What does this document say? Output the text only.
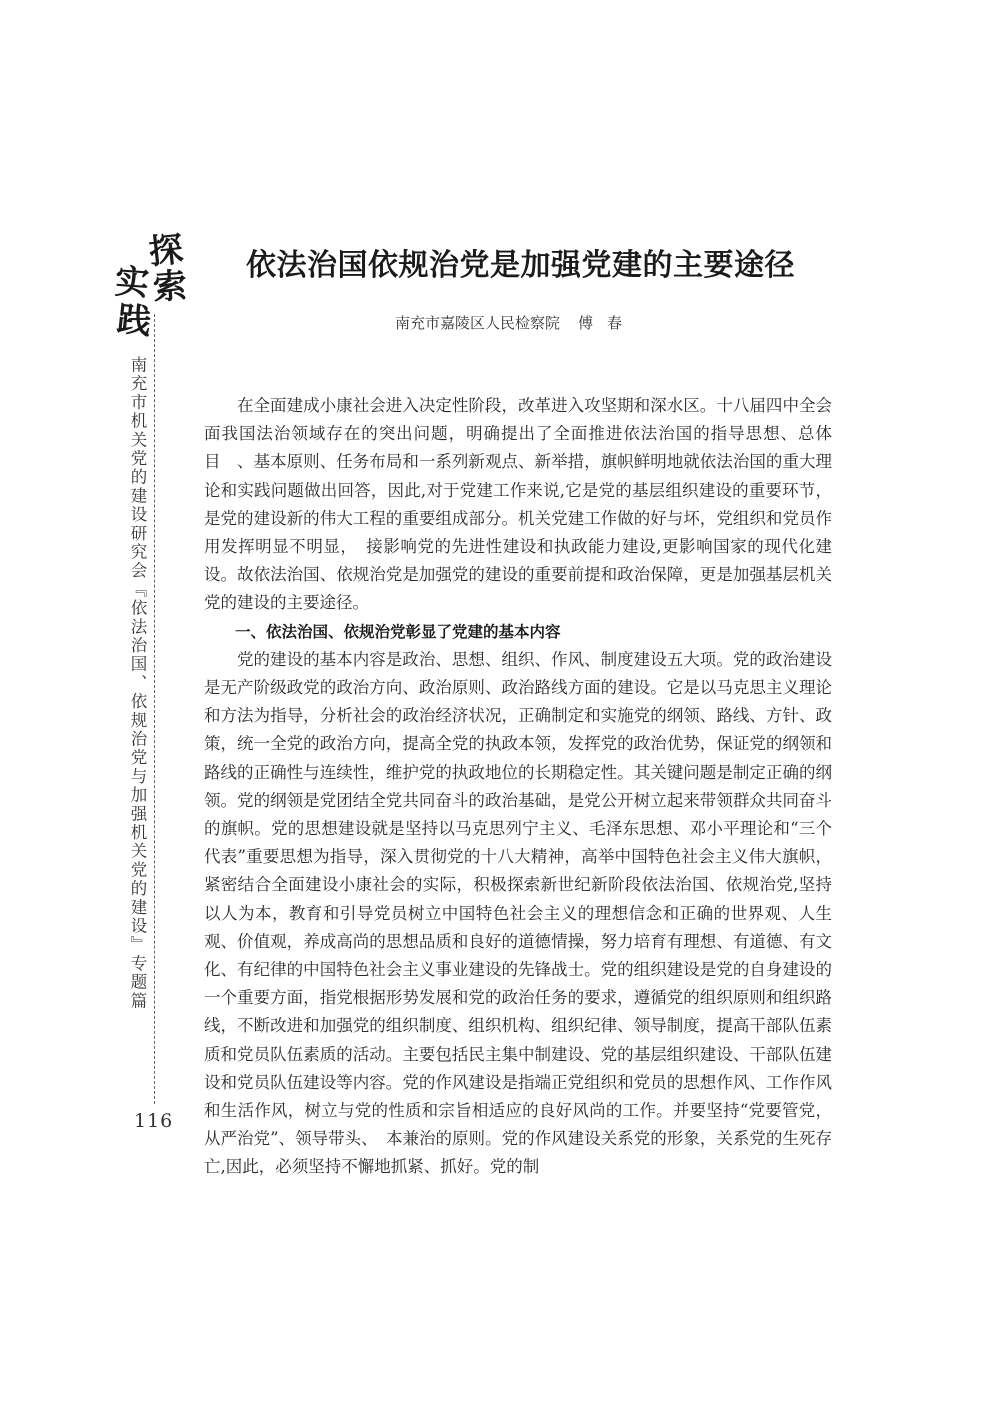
探
实 索
践
南充市机关党的建设研究会『依法治国、依规治党与加强机关党的建设』专题篇
116
依法治国依规治党是加强党建的主要途径
南充市嘉陵区人民检察院 傅春

在全面建成小康社会进入决定性阶段，改革进入攻坚期和深水区。十八届四中全会　面我国法治领域存在的突出问题，明确提出了全面推进依法治国的指导思想、总体目　、基本原则、任务布局和一系列新观点、新举措，旗帜鲜明地就依法治国的重大理论和实践问题做出回答，因此,对于党建工作来说,它是党的基层组织建设的重要环节，是党的建设新的伟大工程的重要组成部分。机关党建工作做的好与坏，党组织和党员作用发挥明显不明显，　接影响党的先进性建设和执政能力建设,更影响国家的现代化建设。故依法治国、依规治党是加强党的建设的重要前提和政治保障，更是加强基层机关党的建设的主要途径。

一、依法治国、依规治党彰显了党建的基本内容

党的建设的基本内容是政治、思想、组织、作风、制度建设五大项。党的政治建设是无产阶级政党的政治方向、政治原则、政治路线方面的建设。它是以马克思主义理论和方法为指导，分析社会的政治经济状况，正确制定和实施党的纲领、路线、方针、政策，统一全党的政治方向，提高全党的执政本领，发挥党的政治优势，保证党的纲领和路线的正确性与连续性，维护党的执政地位的长期稳定性。其关键问题是制定正确的纲领。党的纲领是党团结全党共同奋斗的政治基础，是党公开树立起来带领群众共同奋斗的旗帜。党的思想建设就是坚持以马克思列宁主义、毛泽东思想、邓小平理论和“三个代表”重要思想为指导，深入贯彻党的十八大精神，高举中国特色社会主义伟大旗帜，紧密结合全面建设小康社会的实际，积极探索新世纪新阶段依法治国、依规治党,坚持以人为本，教育和引导党员树立中国特色社会主义的理想信念和正确的世界观、人生观、价值观，养成高尚的思想品质和良好的道德情操，努力培育有理想、有道德、有文化、有纪律的中国特色社会主义事业建设的先锋战士。党的组织建设是党的自身建设的一个重要方面，指党根据形势发展和党的政治任务的要求，遵循党的组织原则和组织路线，不断改进和加强党的组织制度、组织机构、组织纪律、领导制度，提高干部队伍素质和党员队伍素质的活动。主要包括民主集中制建设、党的基层组织建设、干部队伍建设和党员队伍建设等内容。党的作风建设是指端正党组织和党员的思想作风、工作作风和生活作风，树立与党的性质和宗旨相适应的良好风尚的工作。并要坚持“党要管党，从严治党”、领导带头、　本兼治的原则。党的作风建设关系党的形象，关系党的生死存亡,因此，必须坚持不懈地抓紧、抓好。党的制
